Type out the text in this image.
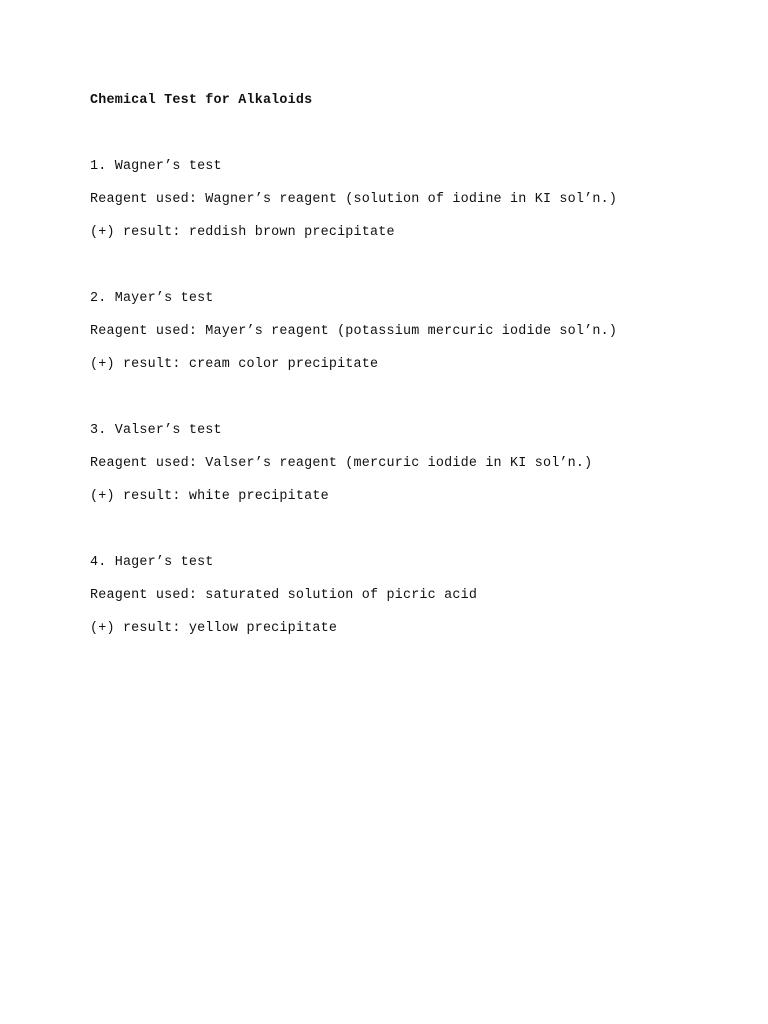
Chemical Test for Alkaloids
1. Wagner’s test
Reagent used: Wagner’s reagent (solution of iodine in KI sol’n.)
(+) result: reddish brown precipitate
2. Mayer’s test
Reagent used: Mayer’s reagent (potassium mercuric iodide sol’n.)
(+) result: cream color precipitate
3. Valser’s test
Reagent used: Valser’s reagent (mercuric iodide in KI sol’n.)
(+) result: white precipitate
4. Hager’s test
Reagent used: saturated solution of picric acid
(+) result: yellow precipitate
